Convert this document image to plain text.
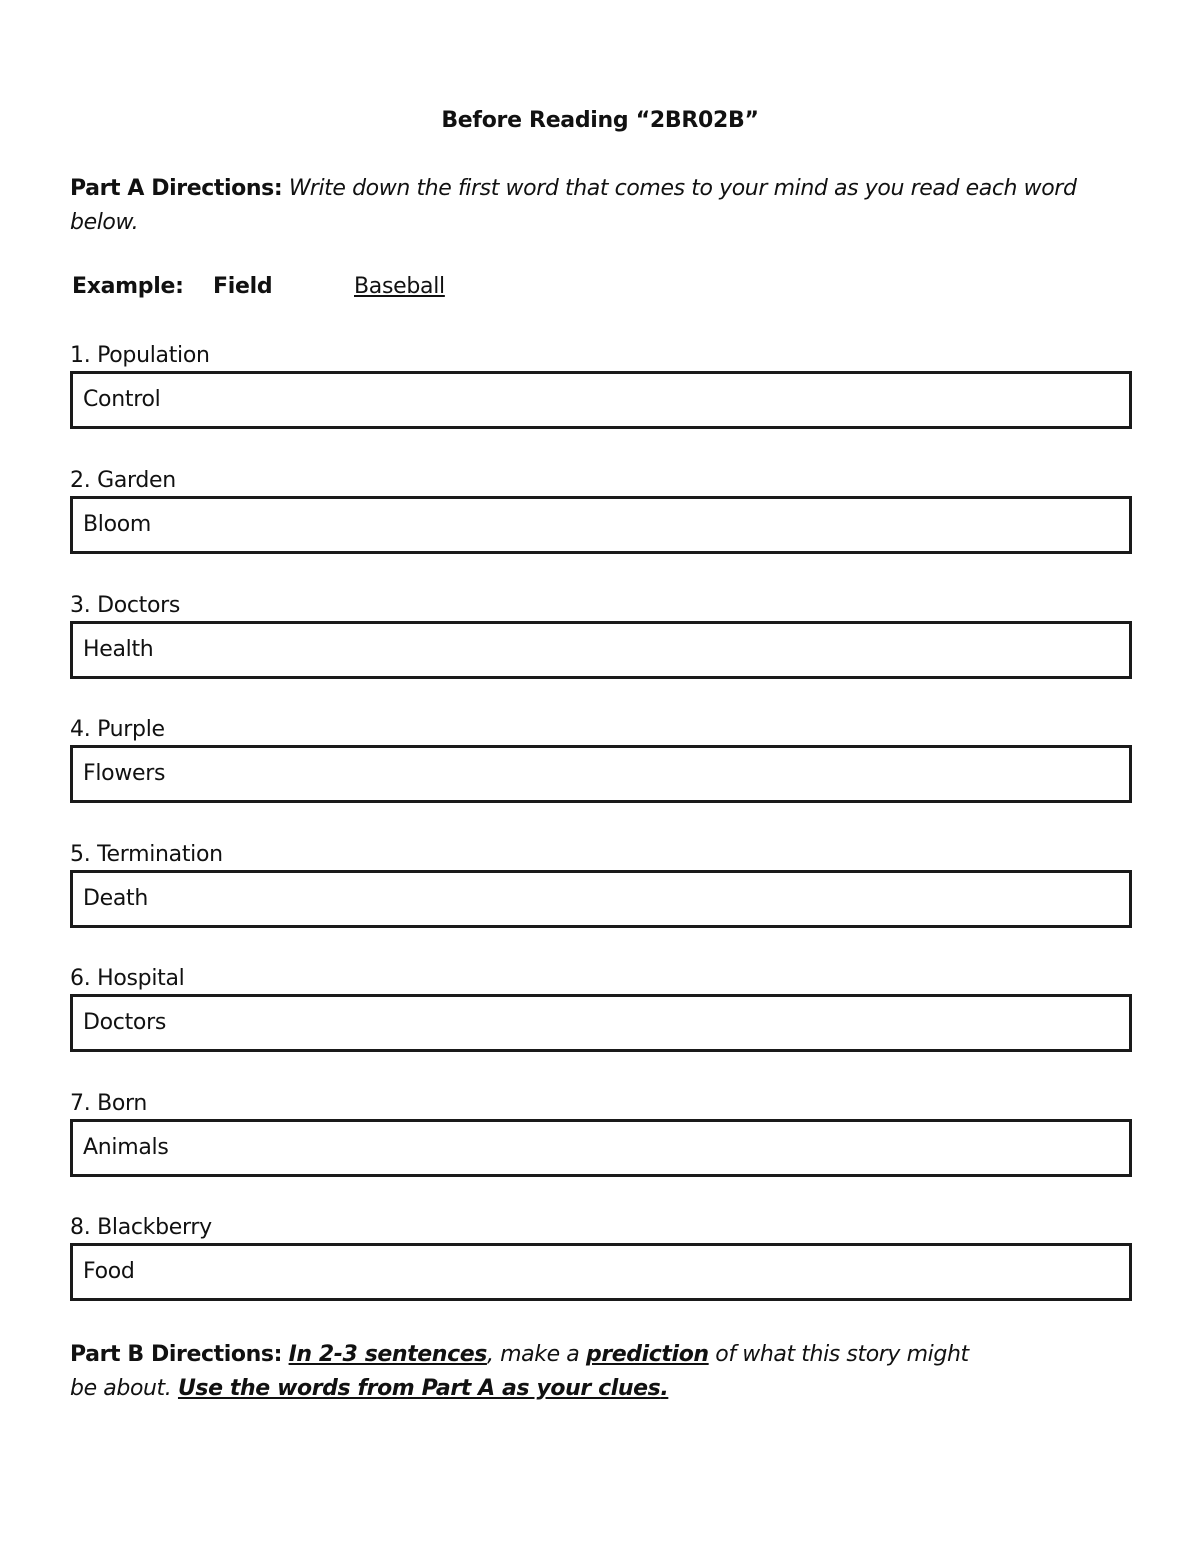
Before Reading “2BR02B”
Part A Directions: Write down the first word that comes to your mind as you read each word below.
Example: Field	Baseball
1. Population
Control
2. Garden
Bloom
3. Doctors
Health
4. Purple
Flowers
5. Termination
Death
6. Hospital
Doctors
7. Born
Animals
8. Blackberry
Food
Part B Directions: In 2-3 sentences, make a prediction of what this story might be about. Use the words from Part A as your clues.
